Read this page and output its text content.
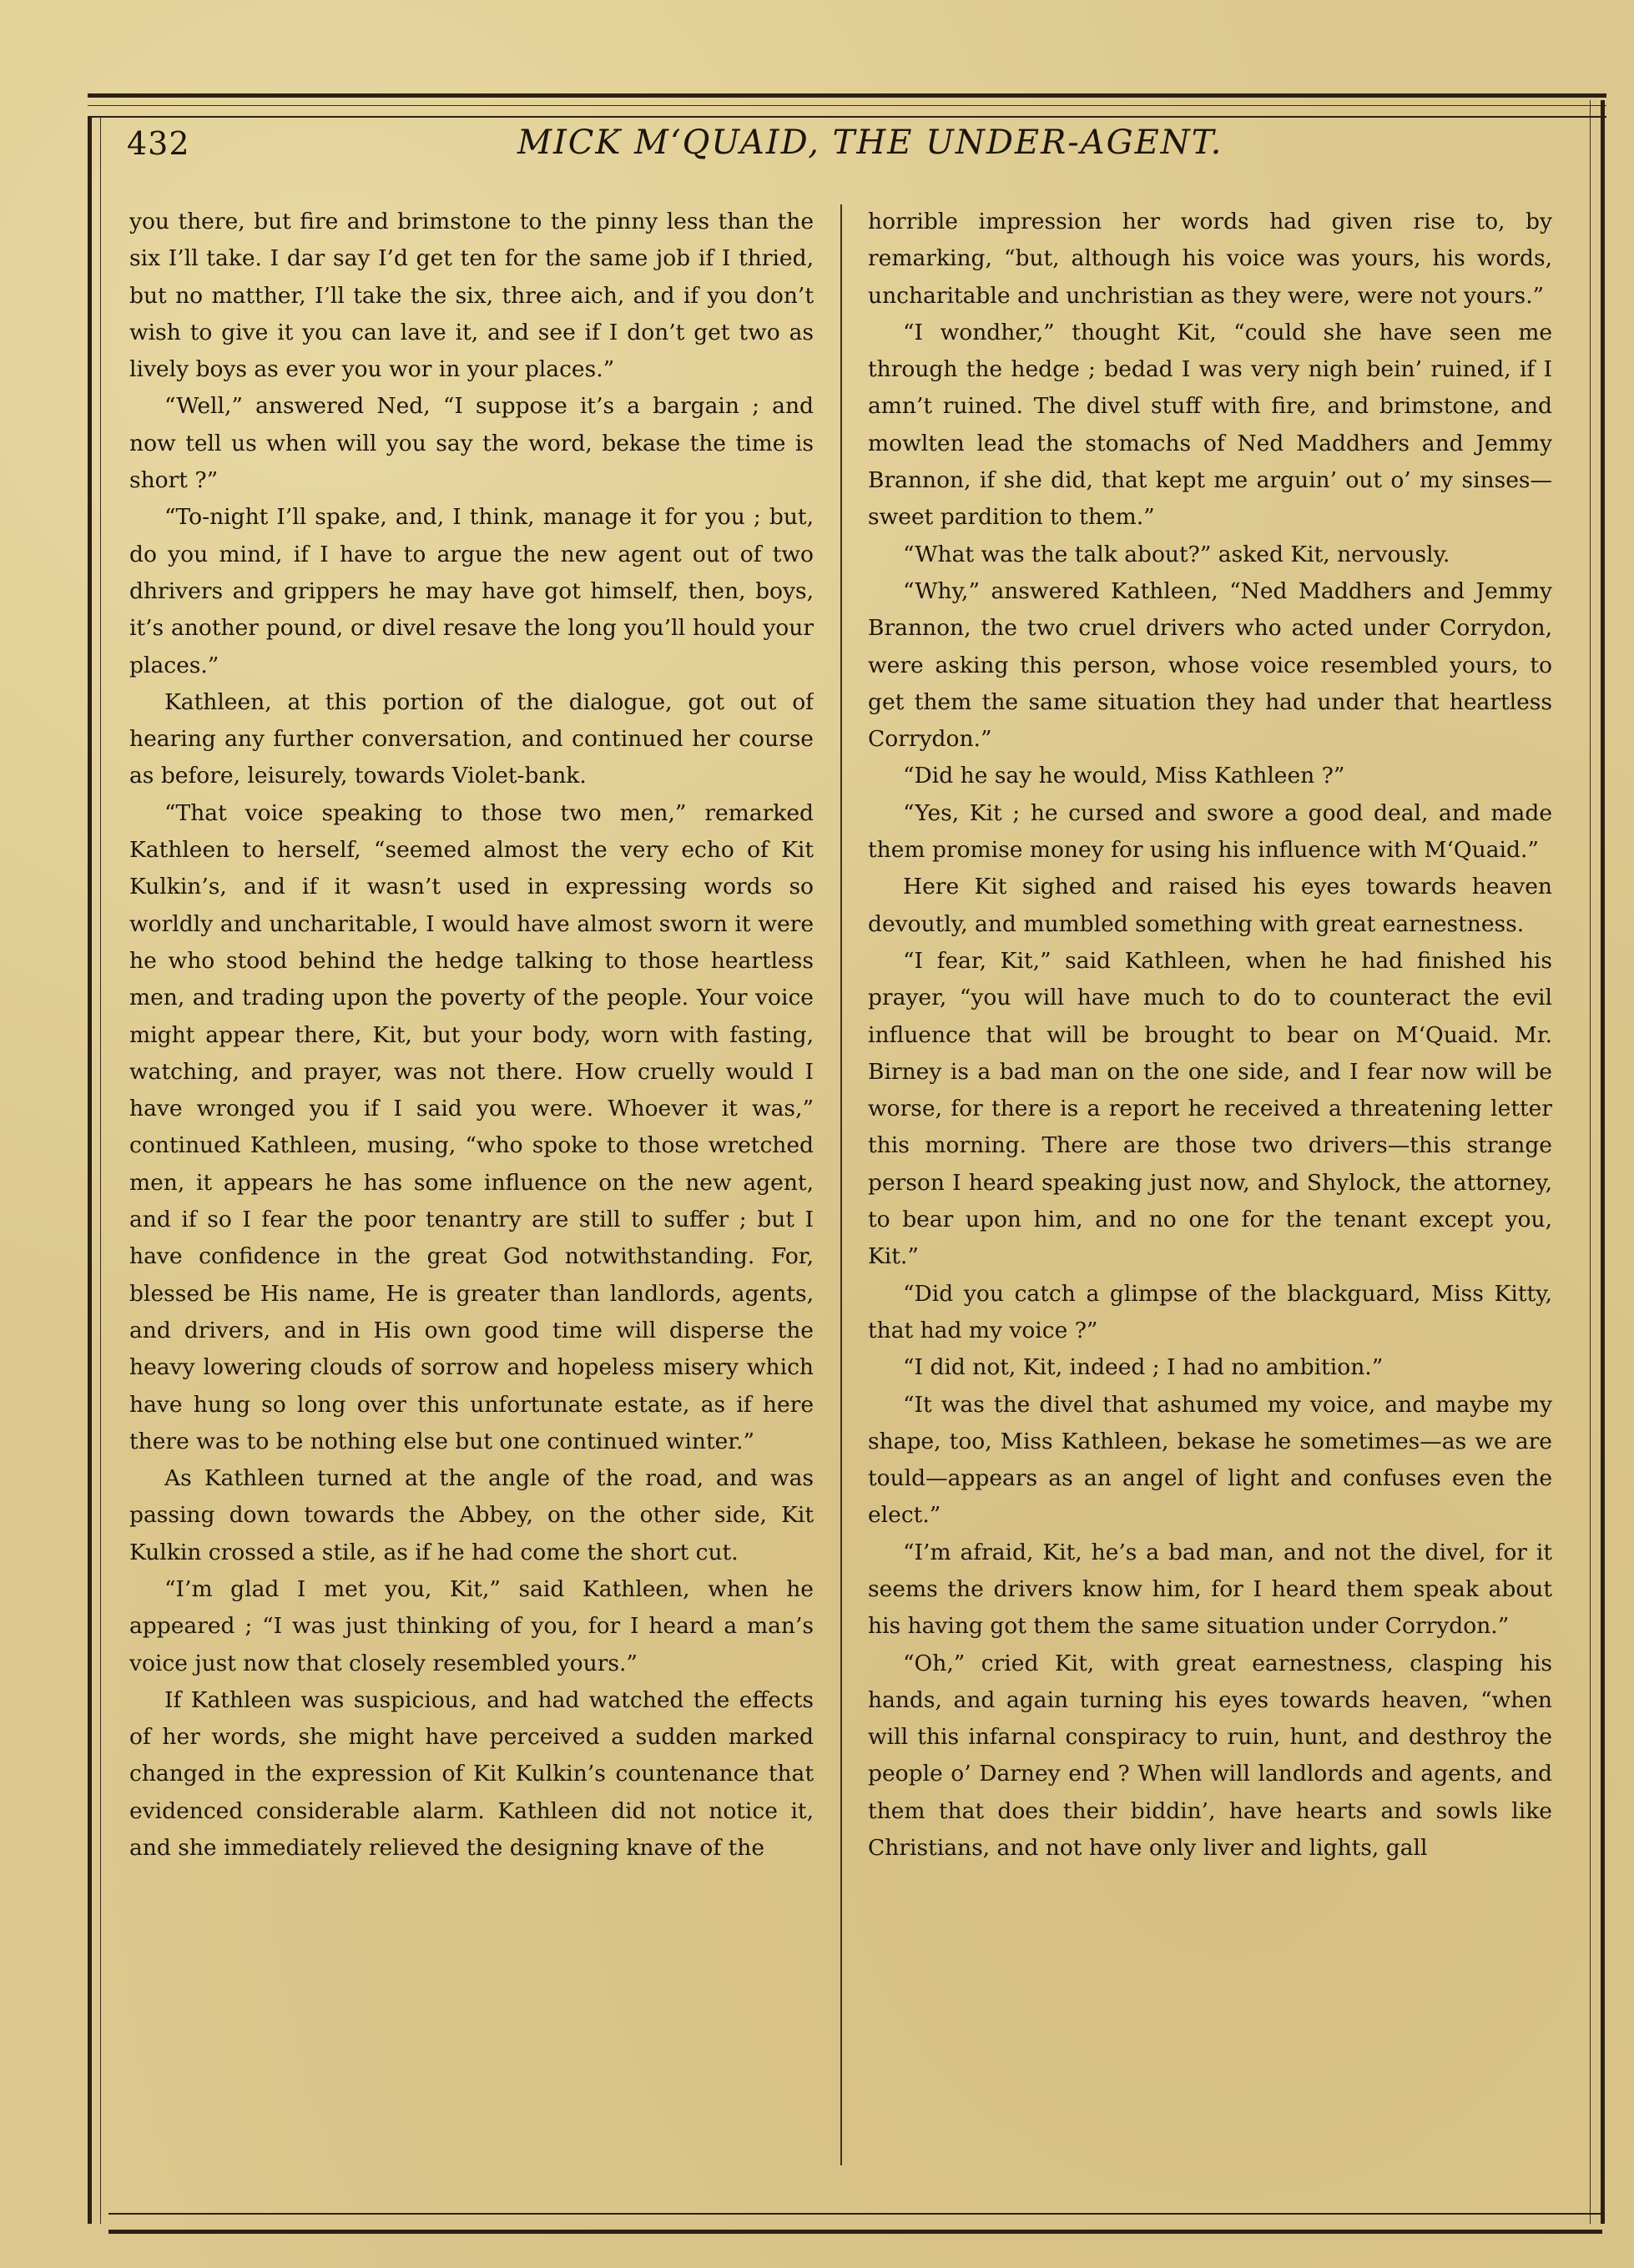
432	MICK M‘QUAID, THE UNDER-AGENT.

you there, but fire and brimstone to the pinny less than the six I’ll take. I dar say I’d get ten for the same job if I thried, but no matther, I’ll take the six, three aich, and if you don’t wish to give it you can lave it, and see if I don’t get two as lively boys as ever you wor in your places.”

“Well,” answered Ned, “I suppose it’s a bargain ; and now tell us when will you say the word, bekase the time is short ?”

“To-night I’ll spake, and, I think, manage it for you ; but, do you mind, if I have to argue the new agent out of two dhrivers and grippers he may have got himself, then, boys, it’s another pound, or divel resave the long you’ll hould your places.”

Kathleen, at this portion of the dialogue, got out of hearing any further conversation, and continued her course as before, leisurely, towards Violet-bank.

“That voice speaking to those two men,” remarked Kathleen to herself, “seemed almost the very echo of Kit Kulkin’s, and if it wasn’t used in expressing words so worldly and uncharitable, I would have almost sworn it were he who stood behind the hedge talking to those heartless men, and trading upon the poverty of the people. Your voice might appear there, Kit, but your body, worn with fasting, watching, and prayer, was not there. How cruelly would I have wronged you if I said you were. Whoever it was,” continued Kathleen, musing, “who spoke to those wretched men, it appears he has some influence on the new agent, and if so I fear the poor tenantry are still to suffer ; but I have confidence in the great God notwithstanding. For, blessed be His name, He is greater than landlords, agents, and drivers, and in His own good time will disperse the heavy lowering clouds of sorrow and hopeless misery which have hung so long over this unfortunate estate, as if here there was to be nothing else but one continued winter.”

As Kathleen turned at the angle of the road, and was passing down towards the Abbey, on the other side, Kit Kulkin crossed a stile, as if he had come the short cut.

“I’m glad I met you, Kit,” said Kathleen, when he appeared ; “I was just thinking of you, for I heard a man’s voice just now that closely resembled yours.”

If Kathleen was suspicious, and had watched the effects of her words, she might have perceived a sudden marked changed in the expression of Kit Kulkin’s countenance that evidenced considerable alarm. Kathleen did not notice it, and she immediately relieved the designing knave of the

horrible impression her words had given rise to, by remarking, “but, although his voice was yours, his words, uncharitable and unchristian as they were, were not yours.”

“I wondher,” thought Kit, “could she have seen me through the hedge ; bedad I was very nigh bein’ ruined, if I amn’t ruined. The divel stuff with fire, and brimstone, and mowlten lead the stomachs of Ned Maddhers and Jemmy Brannon, if she did, that kept me arguin’ out o’ my sinses—sweet pardition to them.”

“What was the talk about?” asked Kit, nervously.

“Why,” answered Kathleen, “Ned Maddhers and Jemmy Brannon, the two cruel drivers who acted under Corrydon, were asking this person, whose voice resembled yours, to get them the same situation they had under that heartless Corrydon.”

“Did he say he would, Miss Kathleen ?”

“Yes, Kit ; he cursed and swore a good deal, and made them promise money for using his influence with M‘Quaid.”

Here Kit sighed and raised his eyes towards heaven devoutly, and mumbled something with great earnestness.

“I fear, Kit,” said Kathleen, when he had finished his prayer, “you will have much to do to counteract the evil influence that will be brought to bear on M‘Quaid. Mr. Birney is a bad man on the one side, and I fear now will be worse, for there is a report he received a threatening letter this morning. There are those two drivers—this strange person I heard speaking just now, and Shylock, the attorney, to bear upon him, and no one for the tenant except you, Kit.”

“Did you catch a glimpse of the blackguard, Miss Kitty, that had my voice ?”

“I did not, Kit, indeed ; I had no ambition.”

“It was the divel that ashumed my voice, and maybe my shape, too, Miss Kathleen, bekase he sometimes—as we are tould—appears as an angel of light and confuses even the elect.”

“I’m afraid, Kit, he’s a bad man, and not the divel, for it seems the drivers know him, for I heard them speak about his having got them the same situation under Corrydon.”

“Oh,” cried Kit, with great earnestness, clasping his hands, and again turning his eyes towards heaven, “when will this infarnal conspiracy to ruin, hunt, and desthroy the people o’ Darney end ? When will landlords and agents, and them that does their biddin’, have hearts and sowls like Christians, and not have only liver and lights, gall
